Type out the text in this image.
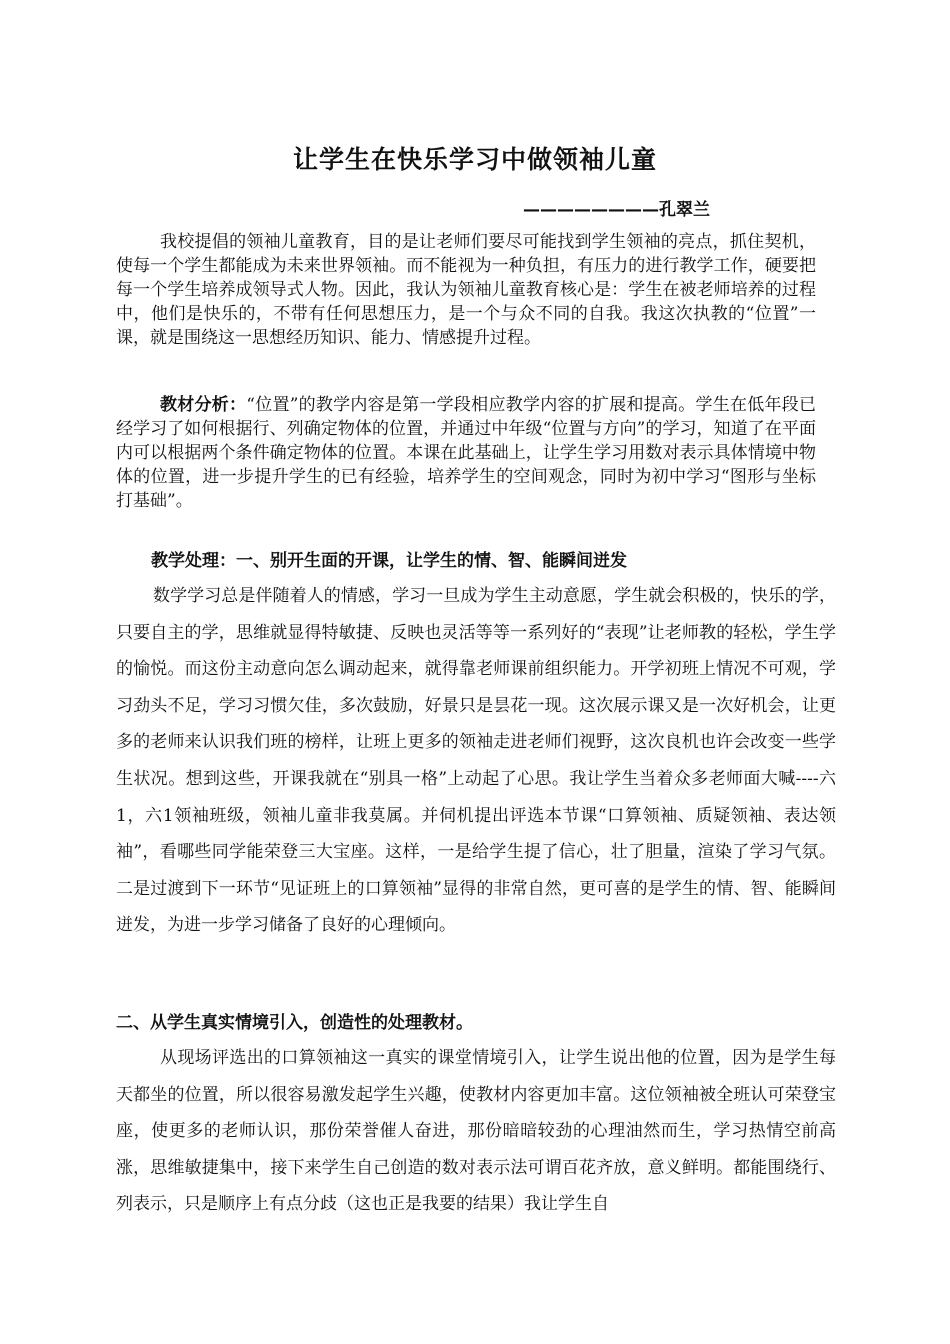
让学生在快乐学习中做领袖儿童
————————孔翠兰

我校提倡的领袖儿童教育，目的是让老师们要尽可能找到学生领袖的亮点，抓住契机，使每一个学生都能成为未来世界领袖。而不能视为一种负担，有压力的进行教学工作，硬要把每一个学生培养成领导式人物。因此，我认为领袖儿童教育核心是：学生在被老师培养的过程中，他们是快乐的，不带有任何思想压力，是一个与众不同的自我。我这次执教的“位置”一课，就是围绕这一思想经历知识、能力、情感提升过程。

教材分析：“位置”的教学内容是第一学段相应教学内容的扩展和提高。学生在低年段已经学习了如何根据行、列确定物体的位置，并通过中年级“位置与方向”的学习，知道了在平面内可以根据两个条件确定物体的位置。本课在此基础上，让学生学习用数对表示具体情境中物体的位置，进一步提升学生的已有经验，培养学生的空间观念，同时为初中学习“图形与坐标打基础”。

教学处理：一、别开生面的开课，让学生的情、智、能瞬间迸发

数学学习总是伴随着人的情感，学习一旦成为学生主动意愿，学生就会积极的，快乐的学，只要自主的学，思维就显得特敏捷、反映也灵活等等一系列好的“表现”让老师教的轻松，学生学的愉悦。而这份主动意向怎么调动起来，就得靠老师课前组织能力。开学初班上情况不可观，学习劲头不足，学习习惯欠佳，多次鼓励，好景只是昙花一现。这次展示课又是一次好机会，让更多的老师来认识我们班的榜样，让班上更多的领袖走进老师们视野，这次良机也许会改变一些学生状况。想到这些，开课我就在“别具一格”上动起了心思。我让学生当着众多老师面大喊----六1，六1领袖班级，领袖儿童非我莫属。并伺机提出评选本节课“口算领袖、质疑领袖、表达领袖”，看哪些同学能荣登三大宝座。这样，一是给学生提了信心，壮了胆量，渲染了学习气氛。二是过渡到下一环节“见证班上的口算领袖”显得的非常自然，更可喜的是学生的情、智、能瞬间迸发，为进一步学习储备了良好的心理倾向。

二、从学生真实情境引入，创造性的处理教材。

从现场评选出的口算领袖这一真实的课堂情境引入，让学生说出他的位置，因为是学生每天都坐的位置，所以很容易激发起学生兴趣，使教材内容更加丰富。这位领袖被全班认可荣登宝座，使更多的老师认识，那份荣誉催人奋进，那份暗暗较劲的心理油然而生，学习热情空前高涨，思维敏捷集中，接下来学生自己创造的数对表示法可谓百花齐放，意义鲜明。都能围绕行、列表示，只是顺序上有点分歧（这也正是我要的结果）我让学生自
